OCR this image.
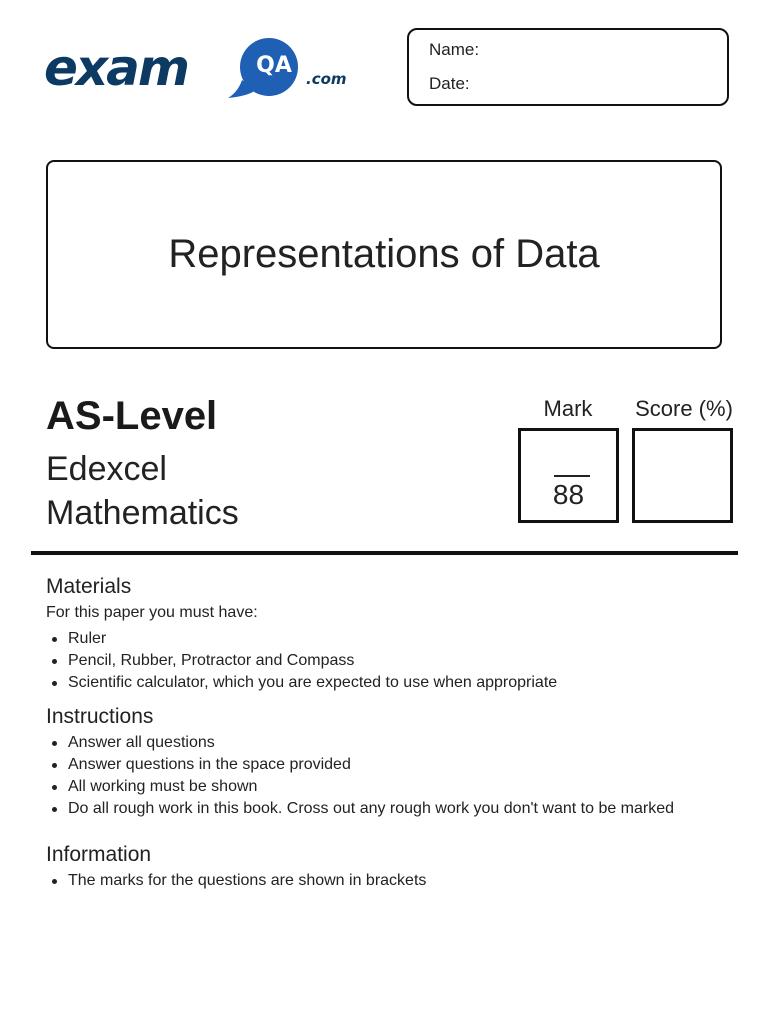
exam	QA
.com
Name:
Date:
Representations of Data
AS-Level
Edexcel
Mathematics
Mark	Score (%)
88
Materials
For this paper you must have:
Ruler
Pencil, Rubber, Protractor and Compass
Scientific calculator, which you are expected to use when appropriate
Instructions
Answer all questions
Answer questions in the space provided
All working must be shown
Do all rough work in this book. Cross out any rough work you don't want to be marked
Information
The marks for the questions are shown in brackets
